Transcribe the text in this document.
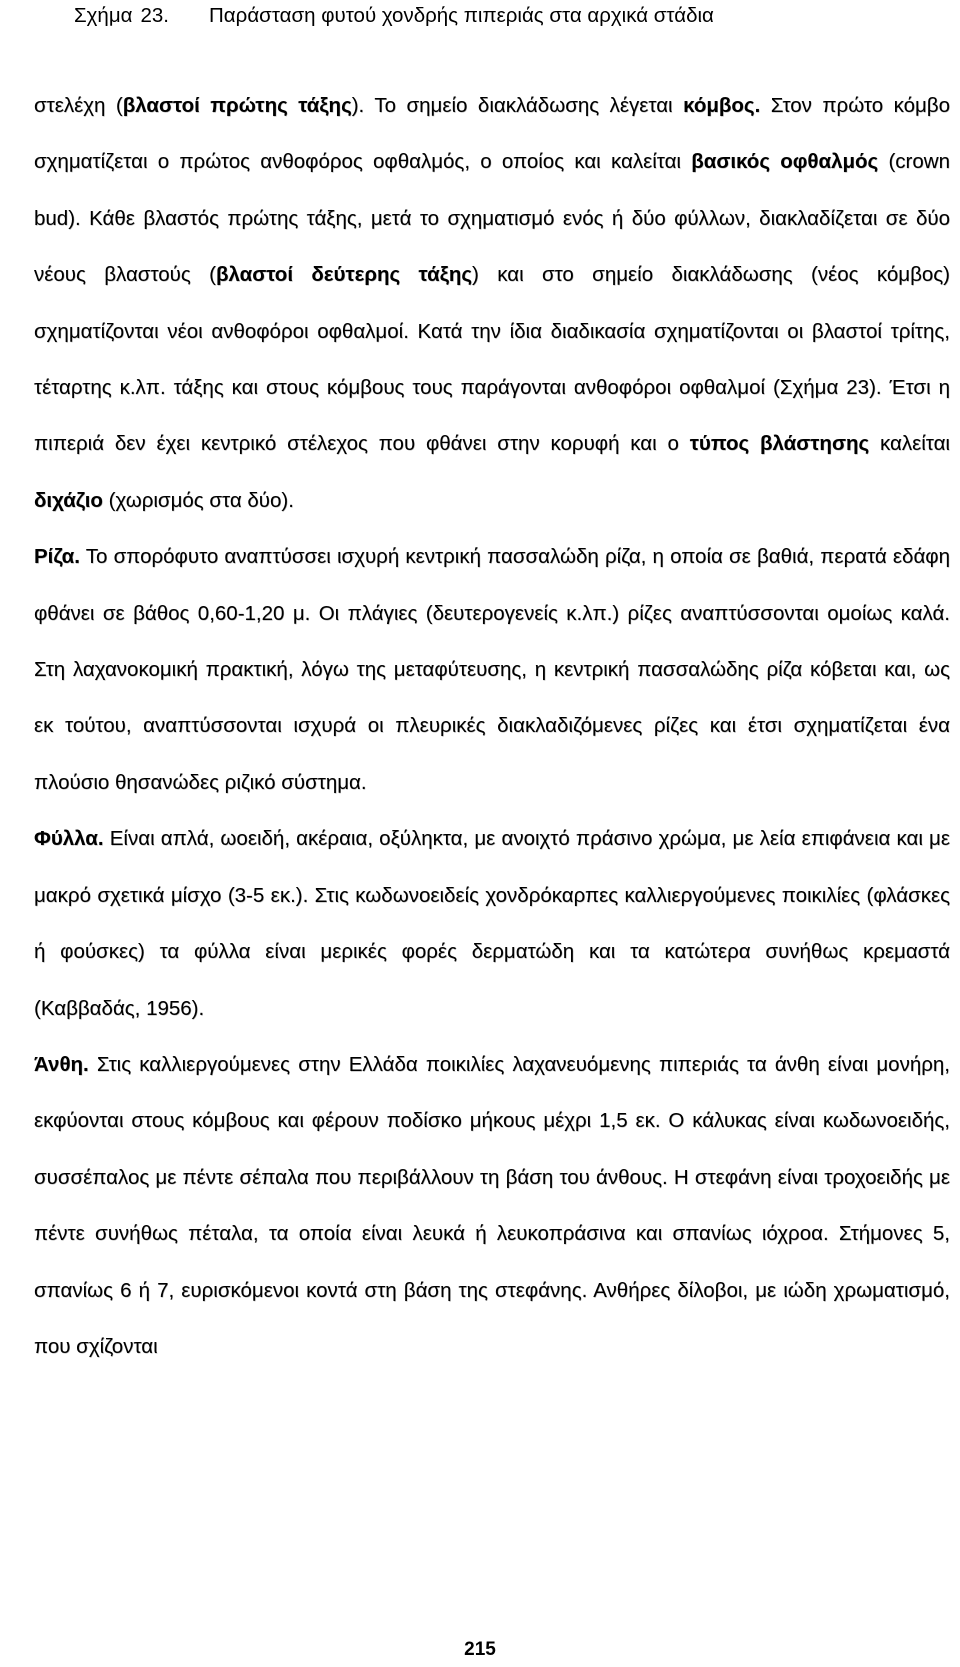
Σχήμα 23. Παράσταση φυτού χονδρής πιπεριάς στα αρχικά στάδια

στελέχη (βλαστοί πρώτης τάξης). Το σημείο διακλάδωσης λέγεται κόμβος. Στον πρώτο κόμβο σχηματίζεται ο πρώτος ανθοφόρος οφθαλμός, ο οποίος και καλείται βασικός οφθαλμός (crown bud). Κάθε βλαστός πρώτης τάξης, μετά το σχηματισμό ενός ή δύο φύλλων, διακλαδίζεται σε δύο νέους βλαστούς (βλαστοί δεύτερης τάξης) και στο σημείο διακλάδωσης (νέος κόμβος) σχηματίζονται νέοι ανθοφόροι οφθαλμοί. Κατά την ίδια διαδικασία σχηματίζονται οι βλαστοί τρίτης, τέταρτης κ.λπ. τάξης και στους κόμβους τους παράγονται ανθοφόροι οφθαλμοί (Σχήμα 23). Έτσι η πιπεριά δεν έχει κεντρικό στέλεχος που φθάνει στην κορυφή και ο τύπος βλάστησης καλείται διχάζιο (χωρισμός στα δύο).

Ρίζα. Το σπορόφυτο αναπτύσσει ισχυρή κεντρική πασσαλώδη ρίζα, η οποία σε βαθιά, περατά εδάφη φθάνει σε βάθος 0,60-1,20 μ. Οι πλάγιες (δευτερογενείς κ.λπ.) ρίζες αναπτύσσονται ομοίως καλά. Στη λαχανοκομική πρακτική, λόγω της μεταφύτευσης, η κεντρική πασσαλώδης ρίζα κόβεται και, ως εκ τούτου, αναπτύσσονται ισχυρά οι πλευρικές διακλαδιζόμενες ρίζες και έτσι σχηματίζεται ένα πλούσιο θησανώδες ριζικό σύστημα.

Φύλλα. Είναι απλά, ωοειδή, ακέραια, οξύληκτα, με ανοιχτό πράσινο χρώμα, με λεία επιφάνεια και με μακρό σχετικά μίσχο (3-5 εκ.). Στις κωδωνοειδείς χονδρόκαρπες καλλιεργούμενες ποικιλίες (φλάσκες ή φούσκες) τα φύλλα είναι μερικές φορές δερματώδη και τα κατώτερα συνήθως κρεμαστά (Καββαδάς, 1956).

Άνθη. Στις καλλιεργούμενες στην Ελλάδα ποικιλίες λαχανευόμενης πιπεριάς τα άνθη είναι μονήρη, εκφύονται στους κόμβους και φέρουν ποδίσκο μήκους μέχρι 1,5 εκ. Ο κάλυκας είναι κωδωνοειδής, συσσέπαλος με πέντε σέπαλα που περιβάλλουν τη βάση του άνθους. Η στεφάνη είναι τροχοειδής με πέντε συνήθως πέταλα, τα οποία είναι λευκά ή λευκοπράσινα και σπανίως ιόχροα. Στήμονες 5, σπανίως 6 ή 7, ευρισκόμενοι κοντά στη βάση της στεφάνης. Ανθήρες δίλοβοι, με ιώδη χρωματισμό, που σχίζονται

215
